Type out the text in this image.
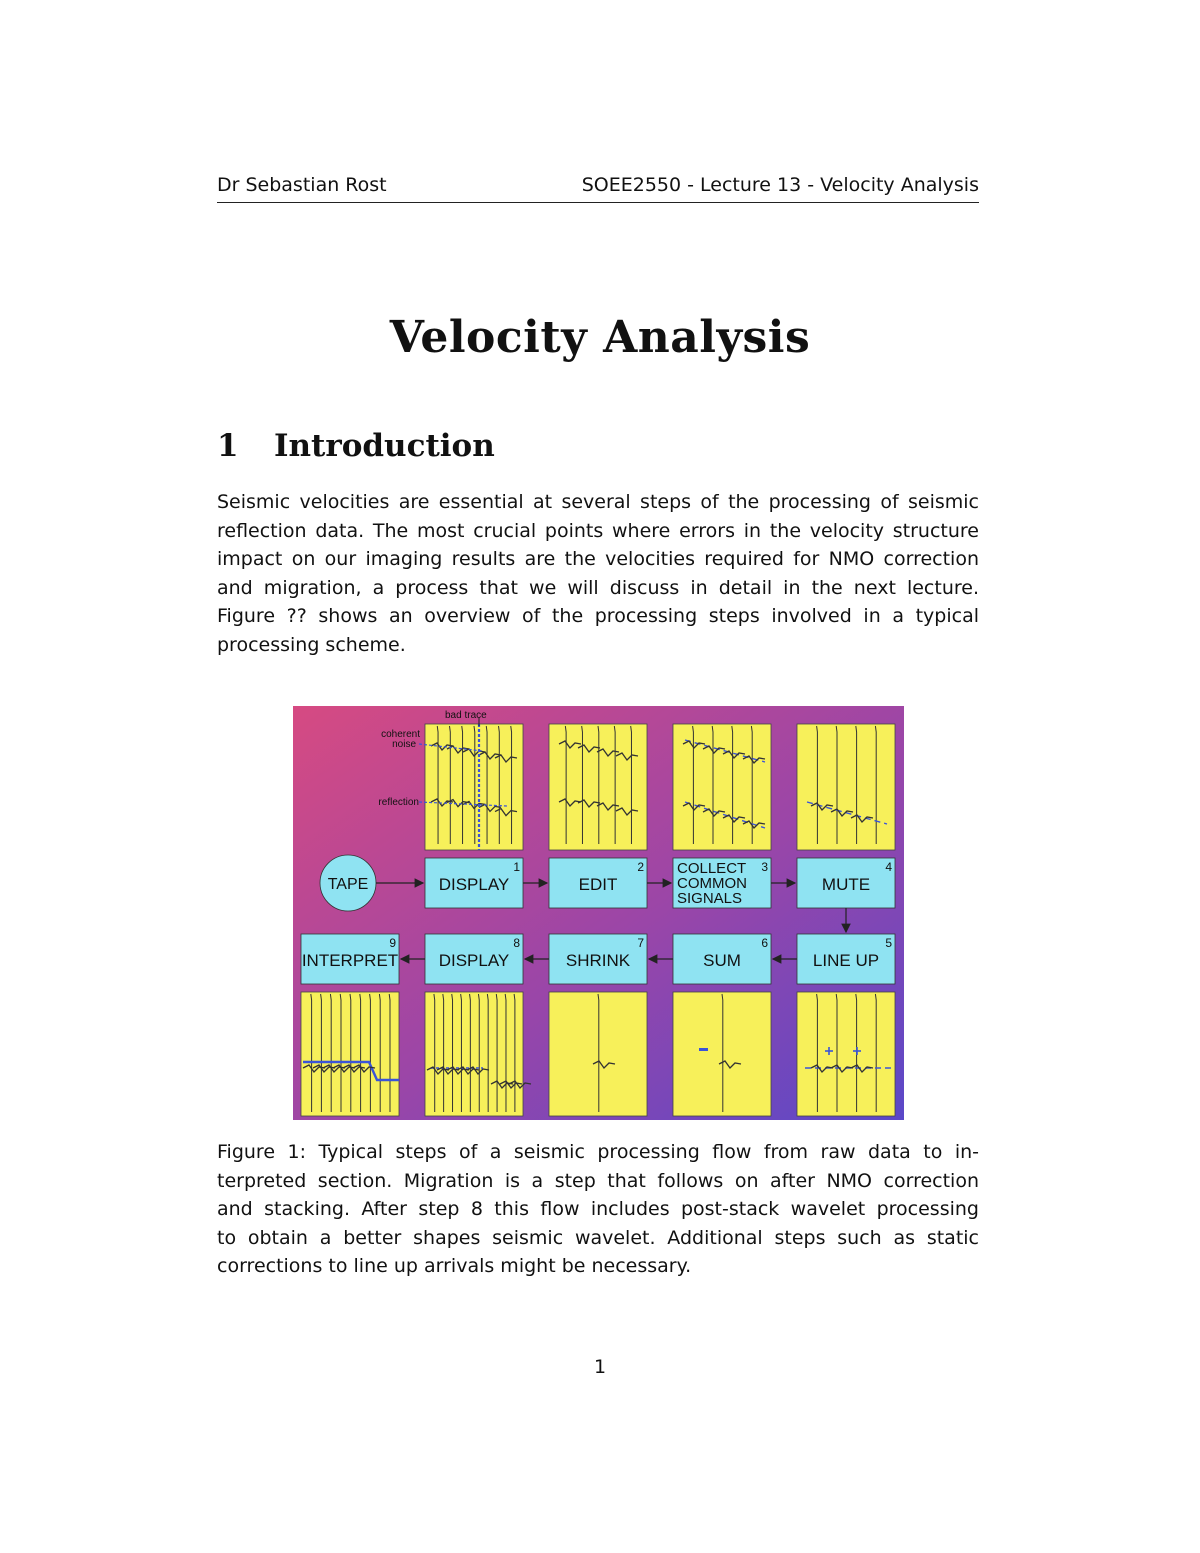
Dr Sebastian Rost	SOEE2550 - Lecture 13 - Velocity Analysis
Velocity Analysis
1 Introduction
Seismic velocities are essential at several steps of the processing of seismic
reflection data. The most crucial points where errors in the velocity structure
impact on our imaging results are the velocities required for NMO correction
and migration, a process that we will discuss in detail in the next lecture.
Figure ?? shows an overview of the processing steps involved in a typical
processing scheme.
bad trace
coherent
noise
reflection
TAPE
1
DISPLAY
2
EDIT
3
COLLECT
COMMON
SIGNALS
4
MUTE
9
INTERPRET
8
DISPLAY
7
SHRINK
6
SUM
5
LINE UP
Figure 1: Typical steps of a seismic processing flow from raw data to in-
terpreted section. Migration is a step that follows on after NMO correction
and stacking. After step 8 this flow includes post-stack wavelet processing
to obtain a better shapes seismic wavelet. Additional steps such as static
corrections to line up arrivals might be necessary.
1
